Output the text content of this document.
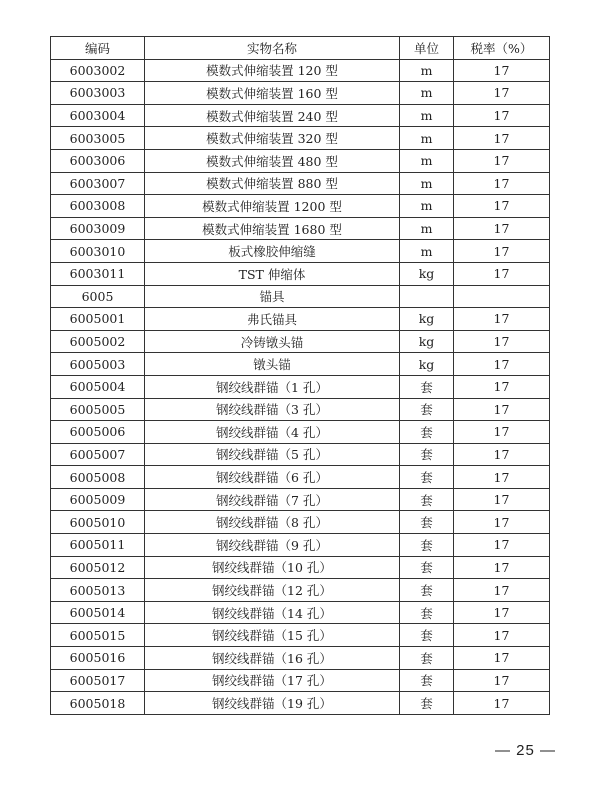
编码	实物名称	单位	税率（%）
6003002	模数式伸缩装置 120 型	m	17
6003003	模数式伸缩装置 160 型	m	17
6003004	模数式伸缩装置 240 型	m	17
6003005	模数式伸缩装置 320 型	m	17
6003006	模数式伸缩装置 480 型	m	17
6003007	模数式伸缩装置 880 型	m	17
6003008	模数式伸缩装置 1200 型	m	17
6003009	模数式伸缩装置 1680 型	m	17
6003010	板式橡胶伸缩缝	m	17
6003011	TST 伸缩体	kg	17
6005	锚具		
6005001	弗氏锚具	kg	17
6005002	冷铸镦头锚	kg	17
6005003	镦头锚	kg	17
6005004	钢绞线群锚（1 孔）	套	17
6005005	钢绞线群锚（3 孔）	套	17
6005006	钢绞线群锚（4 孔）	套	17
6005007	钢绞线群锚（5 孔）	套	17
6005008	钢绞线群锚（6 孔）	套	17
6005009	钢绞线群锚（7 孔）	套	17
6005010	钢绞线群锚（8 孔）	套	17
6005011	钢绞线群锚（9 孔）	套	17
6005012	钢绞线群锚（10 孔）	套	17
6005013	钢绞线群锚（12 孔）	套	17
6005014	钢绞线群锚（14 孔）	套	17
6005015	钢绞线群锚（15 孔）	套	17
6005016	钢绞线群锚（16 孔）	套	17
6005017	钢绞线群锚（17 孔）	套	17
6005018	钢绞线群锚（19 孔）	套	17
— 25 —
